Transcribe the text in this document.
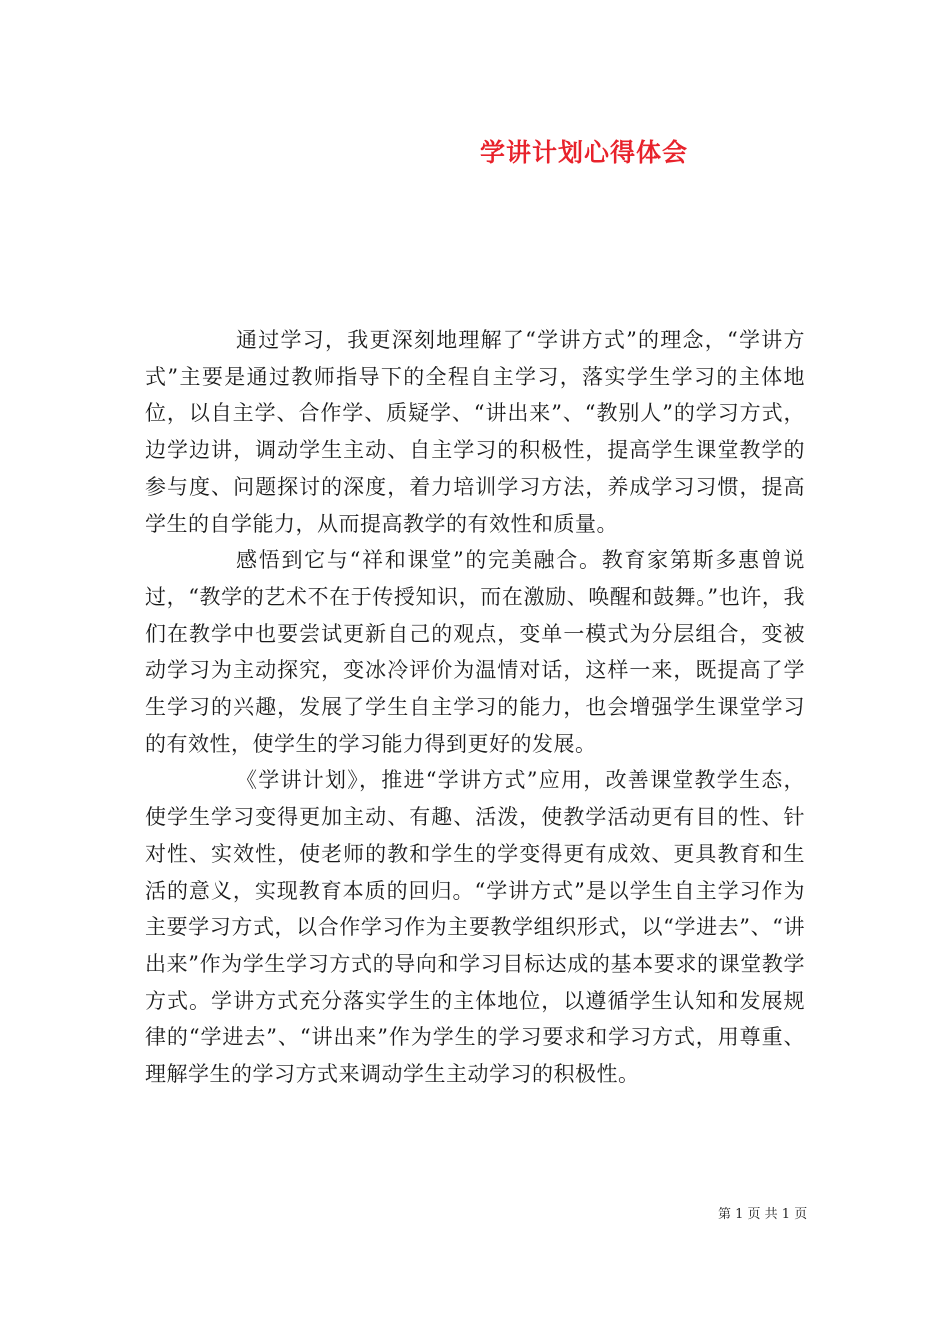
学讲计划心得体会

通过学习，我更深刻地理解了“学讲方式”的理念，“学讲方式”主要是通过教师指导下的全程自主学习，落实学生学习的主体地位，以自主学、合作学、质疑学、“讲出来”、“教别人”的学习方式，边学边讲，调动学生主动、自主学习的积极性，提高学生课堂教学的参与度、问题探讨的深度，着力培训学习方法，养成学习习惯，提高学生的自学能力，从而提高教学的有效性和质量。

感悟到它与“祥和课堂”的完美融合。教育家第斯多惠曾说过，“教学的艺术不在于传授知识，而在激励、唤醒和鼓舞。”也许，我们在教学中也要尝试更新自己的观点，变单一模式为分层组合，变被动学习为主动探究，变冰冷评价为温情对话，这样一来，既提高了学生学习的兴趣，发展了学生自主学习的能力，也会增强学生课堂学习的有效性，使学生的学习能力得到更好的发展。

《学讲计划》，推进“学讲方式”应用，改善课堂教学生态，使学生学习变得更加主动、有趣、活泼，使教学活动更有目的性、针对性、实效性，使老师的教和学生的学变得更有成效、更具教育和生活的意义，实现教育本质的回归。“学讲方式”是以学生自主学习作为主要学习方式，以合作学习作为主要教学组织形式，以“学进去”、“讲出来”作为学生学习方式的导向和学习目标达成的基本要求的课堂教学方式。学讲方式充分落实学生的主体地位，以遵循学生认知和发展规律的“学进去”、“讲出来”作为学生的学习要求和学习方式，用尊重、理解学生的学习方式来调动学生主动学习的积极性。

第 1 页 共 1 页
